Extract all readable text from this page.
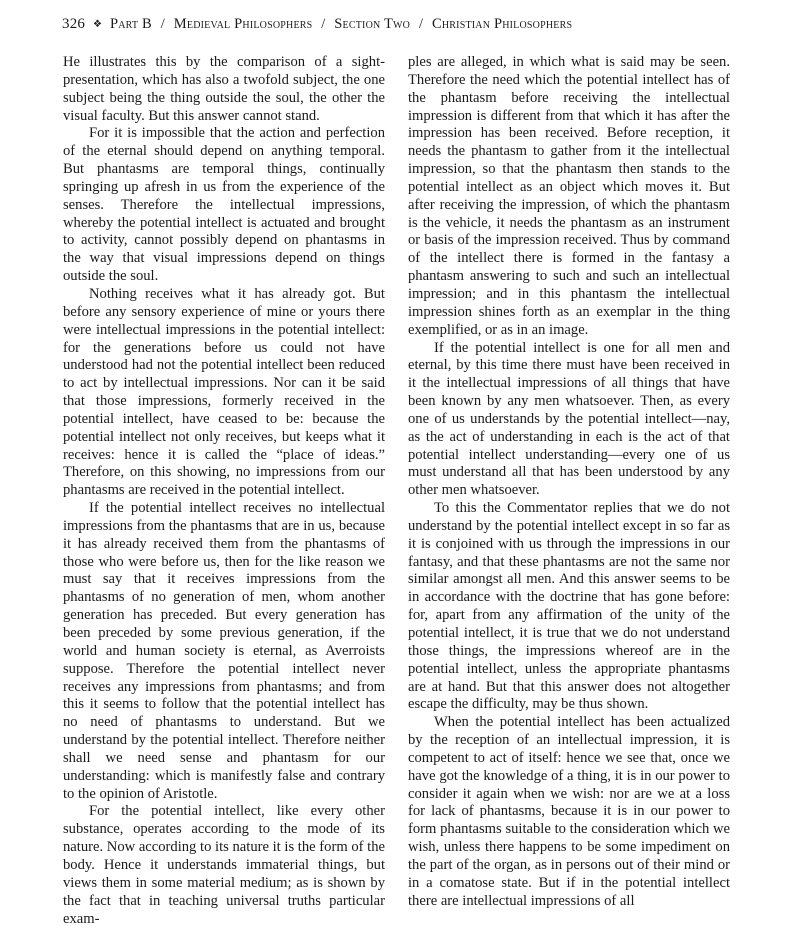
326 ❖ Part B / Medieval Philosophers / Section Two / Christian Philosophers

He illustrates this by the comparison of a sight-presentation, which has also a twofold subject, the one subject being the thing outside the soul, the other the visual faculty. But this answer cannot stand.

For it is impossible that the action and perfection of the eternal should depend on anything temporal. But phantasms are temporal things, continually springing up afresh in us from the experience of the senses. Therefore the intellectual impressions, whereby the potential intellect is actuated and brought to activity, cannot possibly depend on phantasms in the way that visual impressions depend on things outside the soul.

Nothing receives what it has already got. But before any sensory experience of mine or yours there were intellectual impressions in the potential intellect: for the generations before us could not have understood had not the potential intellect been reduced to act by intellectual impressions. Nor can it be said that those impressions, formerly received in the potential intellect, have ceased to be: because the potential intellect not only receives, but keeps what it receives: hence it is called the “place of ideas.” Therefore, on this showing, no impressions from our phantasms are received in the potential intellect.

If the potential intellect receives no intellectual impressions from the phantasms that are in us, because it has already received them from the phantasms of those who were before us, then for the like reason we must say that it receives impressions from the phantasms of no generation of men, whom another generation has preceded. But every generation has been preceded by some previous generation, if the world and human society is eternal, as Averroists suppose. Therefore the potential intellect never receives any impressions from phantasms; and from this it seems to follow that the potential intellect has no need of phantasms to understand. But we understand by the potential intellect. Therefore neither shall we need sense and phantasm for our understanding: which is manifestly false and contrary to the opinion of Aristotle.

For the potential intellect, like every other substance, operates according to the mode of its nature. Now according to its nature it is the form of the body. Hence it understands immaterial things, but views them in some material medium; as is shown by the fact that in teaching universal truths particular exam-

ples are alleged, in which what is said may be seen. Therefore the need which the potential intellect has of the phantasm before receiving the intellectual impression is different from that which it has after the impression has been received. Before reception, it needs the phantasm to gather from it the intellectual impression, so that the phantasm then stands to the potential intellect as an object which moves it. But after receiving the impression, of which the phantasm is the vehicle, it needs the phantasm as an instrument or basis of the impression received. Thus by command of the intellect there is formed in the fantasy a phantasm answering to such and such an intellectual impression; and in this phantasm the intellectual impression shines forth as an exemplar in the thing exemplified, or as in an image.

If the potential intellect is one for all men and eternal, by this time there must have been received in it the intellectual impressions of all things that have been known by any men whatsoever. Then, as every one of us understands by the potential intellect—nay, as the act of understanding in each is the act of that potential intellect understanding—every one of us must understand all that has been understood by any other men whatsoever.

To this the Commentator replies that we do not understand by the potential intellect except in so far as it is conjoined with us through the impressions in our fantasy, and that these phantasms are not the same nor similar amongst all men. And this answer seems to be in accordance with the doctrine that has gone before: for, apart from any affirmation of the unity of the potential intellect, it is true that we do not understand those things, the impressions whereof are in the potential intellect, unless the appropriate phantasms are at hand. But that this answer does not altogether escape the difficulty, may be thus shown.

When the potential intellect has been actualized by the reception of an intellectual impression, it is competent to act of itself: hence we see that, once we have got the knowledge of a thing, it is in our power to consider it again when we wish: nor are we at a loss for lack of phantasms, because it is in our power to form phantasms suitable to the consideration which we wish, unless there happens to be some impediment on the part of the organ, as in persons out of their mind or in a comatose state. But if in the potential intellect there are intellectual impressions of all
